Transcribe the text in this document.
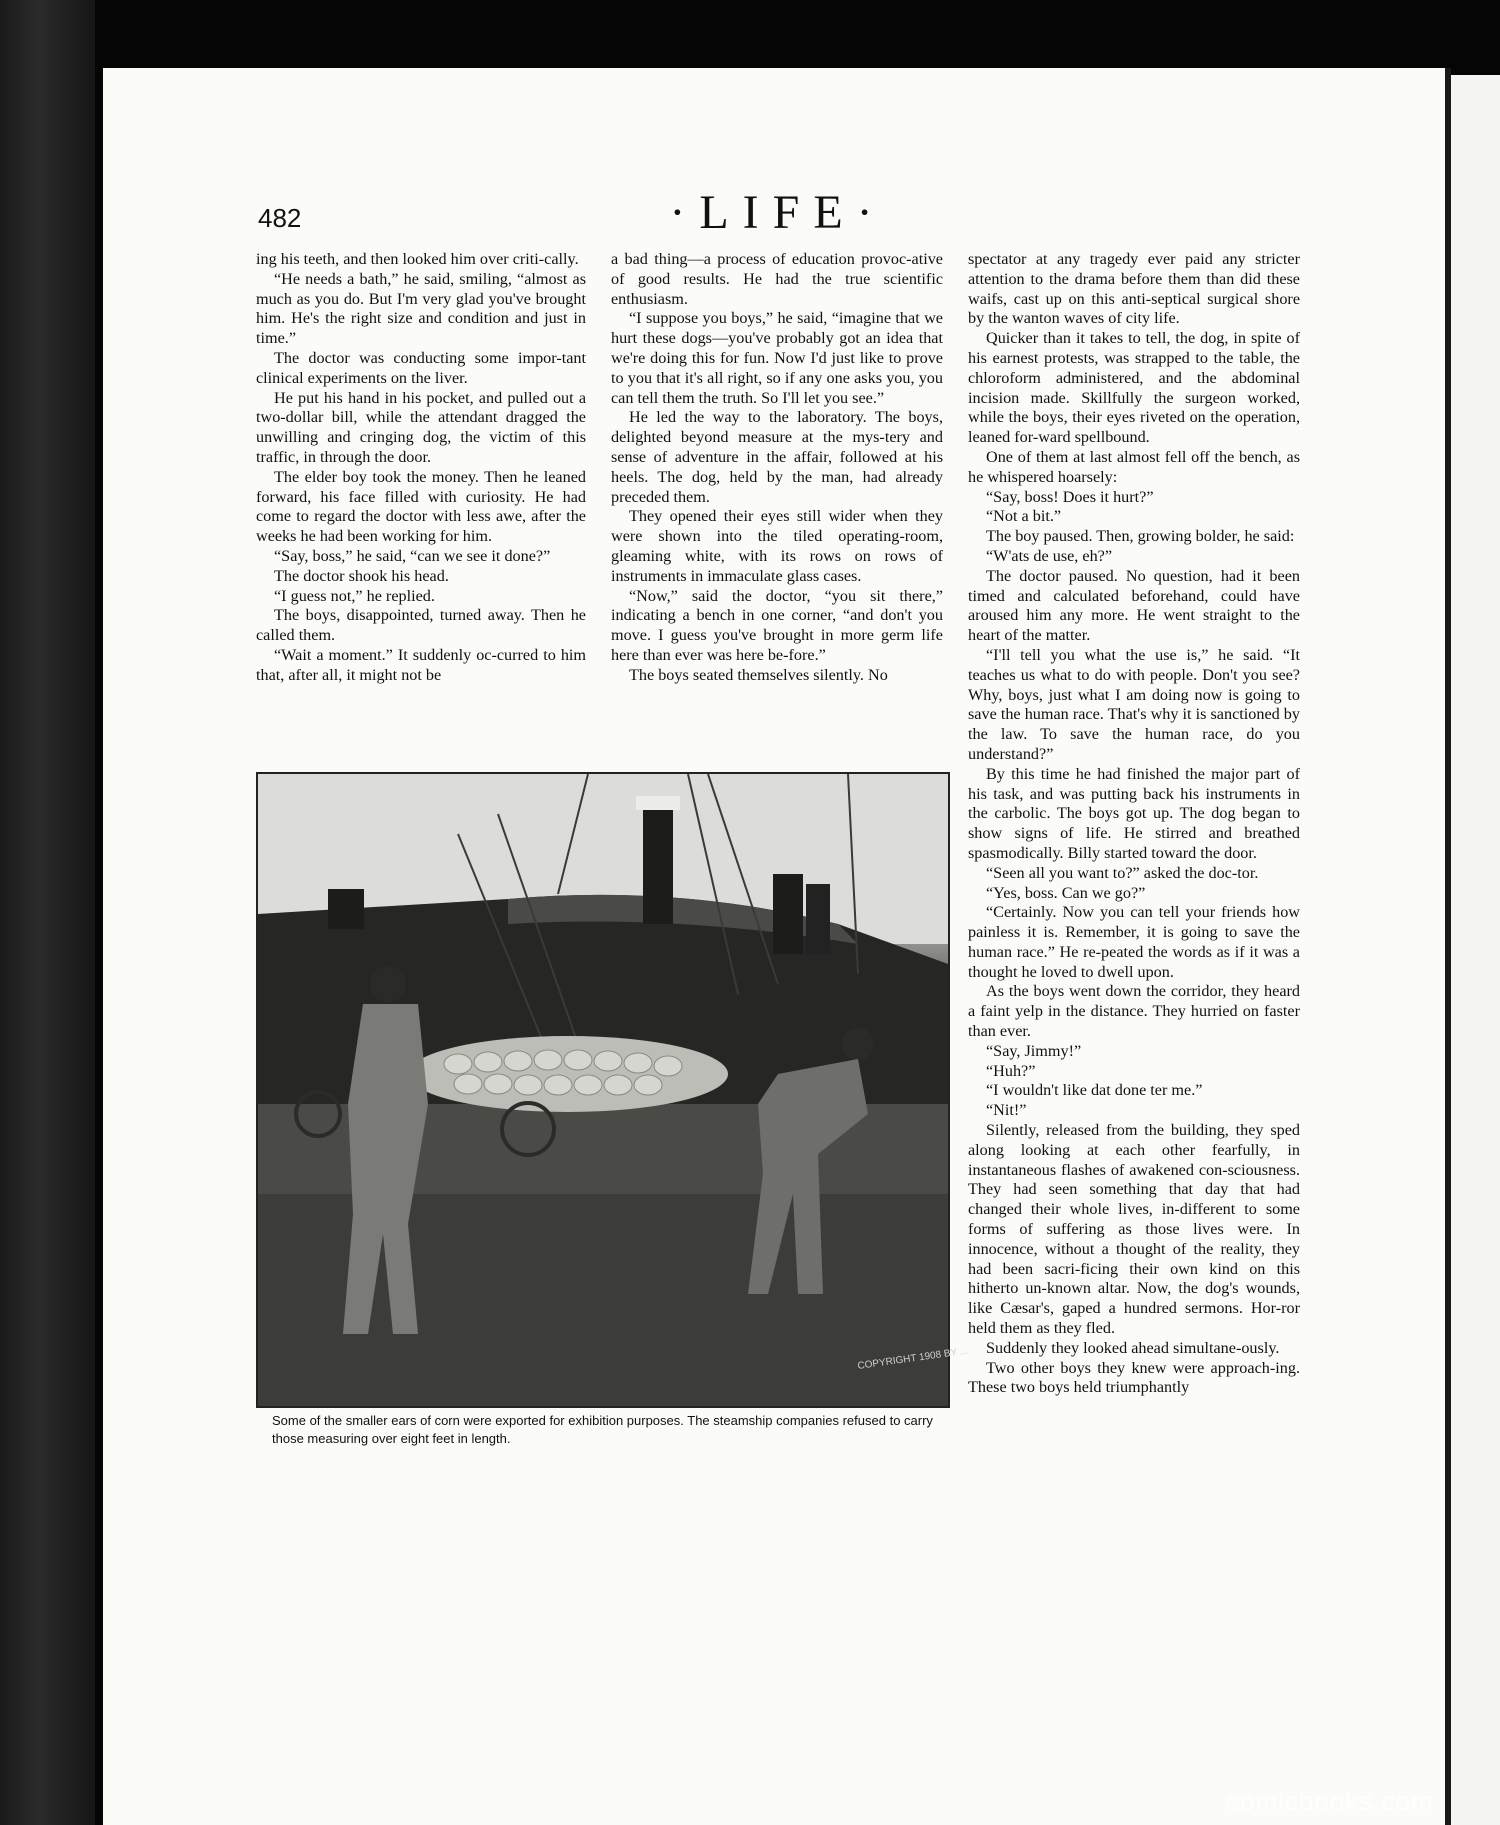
482	·LIFE·

ing his teeth, and then looked him over criti-cally.

“He needs a bath,” he said, smiling, “almost as much as you do. But I'm very glad you've brought him. He's the right size and condition and just in time.”

The doctor was conducting some impor-tant clinical experiments on the liver.

He put his hand in his pocket, and pulled out a two-dollar bill, while the attendant dragged the unwilling and cringing dog, the victim of this traffic, in through the door.

The elder boy took the money. Then he leaned forward, his face filled with curiosity. He had come to regard the doctor with less awe, after the weeks he had been working for him.

“Say, boss,” he said, “can we see it done?”

The doctor shook his head.

“I guess not,” he replied.

The boys, disappointed, turned away. Then he called them.

“Wait a moment.” It suddenly oc-curred to him that, after all, it might not be

a bad thing—a process of education provoc-ative of good results. He had the true scientific enthusiasm.

“I suppose you boys,” he said, “imagine that we hurt these dogs—you've probably got an idea that we're doing this for fun. Now I'd just like to prove to you that it's all right, so if any one asks you, you can tell them the truth. So I'll let you see.”

He led the way to the laboratory. The boys, delighted beyond measure at the mys-tery and sense of adventure in the affair, followed at his heels. The dog, held by the man, had already preceded them.

They opened their eyes still wider when they were shown into the tiled operating-room, gleaming white, with its rows on rows of instruments in immaculate glass cases.

“Now,” said the doctor, “you sit there,” indicating a bench in one corner, “and don't you move. I guess you've brought in more germ life here than ever was here be-fore.”

The boys seated themselves silently. No

spectator at any tragedy ever paid any stricter attention to the drama before them than did these waifs, cast up on this anti-septical surgical shore by the wanton waves of city life.

Quicker than it takes to tell, the dog, in spite of his earnest protests, was strapped to the table, the chloroform administered, and the abdominal incision made. Skillfully the surgeon worked, while the boys, their eyes riveted on the operation, leaned for-ward spellbound.

One of them at last almost fell off the bench, as he whispered hoarsely:

“Say, boss! Does it hurt?”

“Not a bit.”

The boy paused. Then, growing bolder, he said:

“W'ats de use, eh?”

The doctor paused. No question, had it been timed and calculated beforehand, could have aroused him any more. He went straight to the heart of the matter.

“I'll tell you what the use is,” he said. “It teaches us what to do with people. Don't you see? Why, boys, just what I am doing now is going to save the human race. That's why it is sanctioned by the law. To save the human race, do you understand?”

By this time he had finished the major part of his task, and was putting back his instruments in the carbolic. The boys got up. The dog began to show signs of life. He stirred and breathed spasmodically. Billy started toward the door.

“Seen all you want to?” asked the doc-tor.

“Yes, boss. Can we go?”

“Certainly. Now you can tell your friends how painless it is. Remember, it is going to save the human race.” He re-peated the words as if it was a thought he loved to dwell upon.

As the boys went down the corridor, they heard a faint yelp in the distance. They hurried on faster than ever.

“Say, Jimmy!”

“Huh?”

“I wouldn't like dat done ter me.”

“Nit!”

Silently, released from the building, they sped along looking at each other fearfully, in instantaneous flashes of awakened con-sciousness. They had seen something that day that had changed their whole lives, in-different to some forms of suffering as those lives were. In innocence, without a thought of the reality, they had been sacri-ficing their own kind on this hitherto un-known altar. Now, the dog's wounds, like Cæsar's, gaped a hundred sermons. Hor-ror held them as they fled.

Suddenly they looked ahead simultane-ously.

Two other boys they knew were approach-ing. These two boys held triumphantly

COPYRIGHT 1908 BY ...
Some of the smaller ears of corn were exported for exhibition purposes. The steamship companies refused to carry those measuring over eight feet in length.
comicbooks.com
